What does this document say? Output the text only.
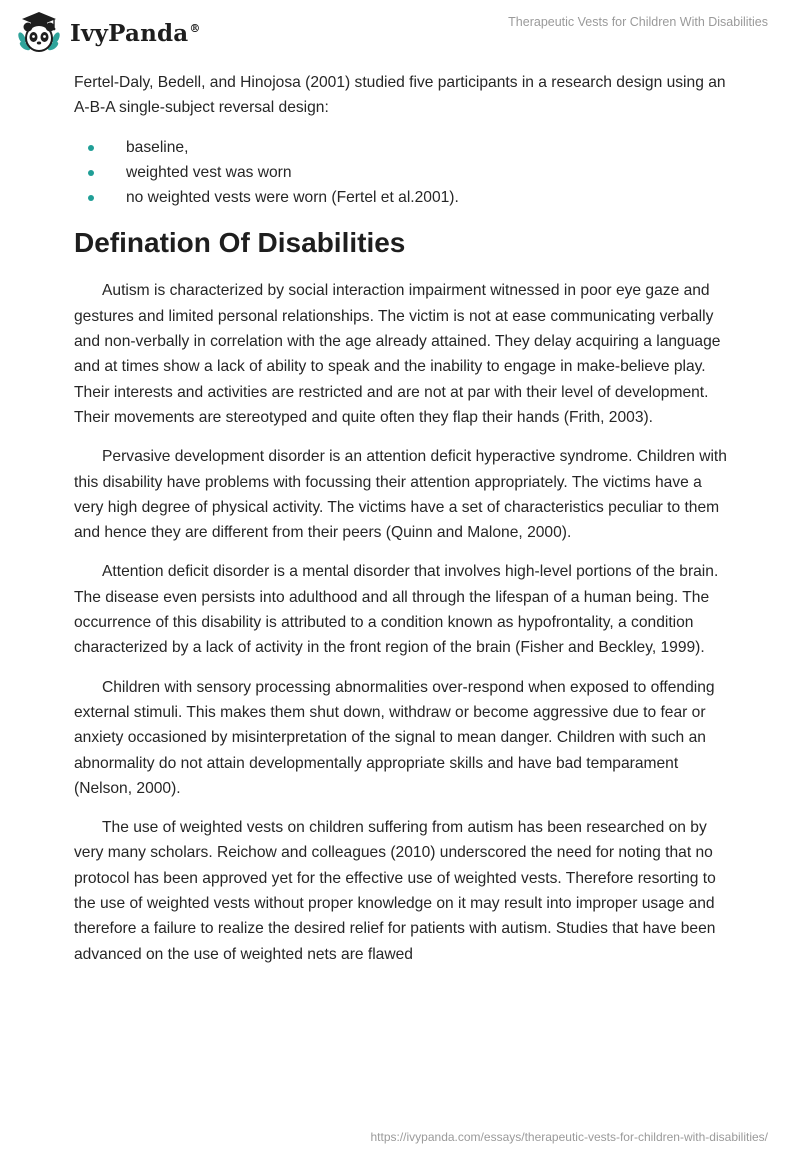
IvyPanda®	Therapeutic Vests for Children With Disabilities

Fertel-Daly, Bedell, and Hinojosa (2001) studied five participants in a research design using an A-B-A single-subject reversal design:

baseline,
weighted vest was worn
no weighted vests were worn (Fertel et al.2001).
Defination Of Disabilities

Autism is characterized by social interaction impairment witnessed in poor eye gaze and gestures and limited personal relationships. The victim is not at ease communicating verbally and non-verbally in correlation with the age already attained. They delay acquiring a language and at times show a lack of ability to speak and the inability to engage in make-believe play. Their interests and activities are restricted and are not at par with their level of development. Their movements are stereotyped and quite often they flap their hands (Frith, 2003).

Pervasive development disorder is an attention deficit hyperactive syndrome. Children with this disability have problems with focussing their attention appropriately. The victims have a very high degree of physical activity. The victims have a set of characteristics peculiar to them and hence they are different from their peers (Quinn and Malone, 2000).

Attention deficit disorder is a mental disorder that involves high-level portions of the brain. The disease even persists into adulthood and all through the lifespan of a human being. The occurrence of this disability is attributed to a condition known as hypofrontality, a condition characterized by a lack of activity in the front region of the brain (Fisher and Beckley, 1999).

Children with sensory processing abnormalities over-respond when exposed to offending external stimuli. This makes them shut down, withdraw or become aggressive due to fear or anxiety occasioned by misinterpretation of the signal to mean danger. Children with such an abnormality do not attain developmentally appropriate skills and have bad temparament (Nelson, 2000).

The use of weighted vests on children suffering from autism has been researched on by very many scholars. Reichow and colleagues (2010) underscored the need for noting that no protocol has been approved yet for the effective use of weighted vests. Therefore resorting to the use of weighted vests without proper knowledge on it may result into improper usage and therefore a failure to realize the desired relief for patients with autism. Studies that have been advanced on the use of weighted nets are flawed

https://ivypanda.com/essays/therapeutic-vests-for-children-with-disabilities/
